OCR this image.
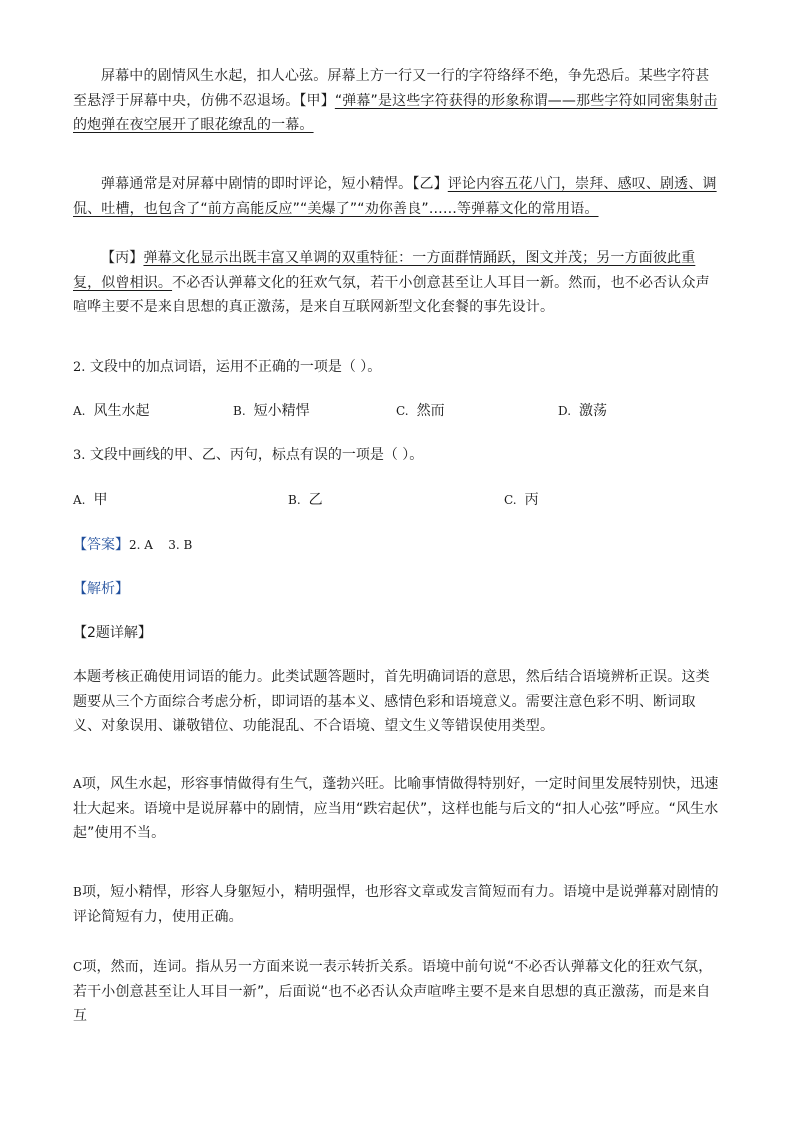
屏幕中的剧情风生水起，扣人心弦。屏幕上方一行又一行的字符络绎不绝，争先恐后。某些字符甚至悬浮于屏幕中央，仿佛不忍退场。【甲】“弹幕”是这些字符获得的形象称谓——那些字符如同密集射击的炮弹在夜空展开了眼花缭乱的一幕。

弹幕通常是对屏幕中剧情的即时评论，短小精悍。【乙】评论内容五花八门，崇拜、感叹、剧透、调侃、吐槽，也包含了“前方高能反应”“美爆了”“劝你善良”……等弹幕文化的常用语。

【丙】弹幕文化显示出既丰富又单调的双重特征：一方面群情踊跃，图文并茂；另一方面彼此重复，似曾相识。不必否认弹幕文化的狂欢气氛，若干小创意甚至让人耳目一新。然而，也不必否认众声喧哗主要不是来自思想的真正激荡，是来自互联网新型文化套餐的事先设计。

2. 文段中的加点词语，运用不正确的一项是（ ）。
A. 风生水起	B. 短小精悍	C. 然而	D. 激荡
3. 文段中画线的甲、乙、丙句，标点有误的一项是（ ）。
A. 甲	B. 乙	C. 丙
【答案】2. A    3. B
【解析】
【2题详解】

本题考核正确使用词语的能力。此类试题答题时，首先明确词语的意思，然后结合语境辨析正误。这类题要从三个方面综合考虑分析，即词语的基本义、感情色彩和语境意义。需要注意色彩不明、断词取义、对象误用、谦敬错位、功能混乱、不合语境、望文生义等错误使用类型。

A项，风生水起，形容事情做得有生气，蓬勃兴旺。比喻事情做得特别好，一定时间里发展特别快，迅速壮大起来。语境中是说屏幕中的剧情，应当用“跌宕起伏”，这样也能与后文的“扣人心弦”呼应。“风生水起”使用不当。

B项，短小精悍，形容人身躯短小，精明强悍，也形容文章或发言简短而有力。语境中是说弹幕对剧情的评论简短有力，使用正确。

C项，然而，连词。指从另一方面来说一表示转折关系。语境中前句说“不必否认弹幕文化的狂欢气氛，若干小创意甚至让人耳目一新”，后面说“也不必否认众声喧哗主要不是来自思想的真正激荡，而是来自互
